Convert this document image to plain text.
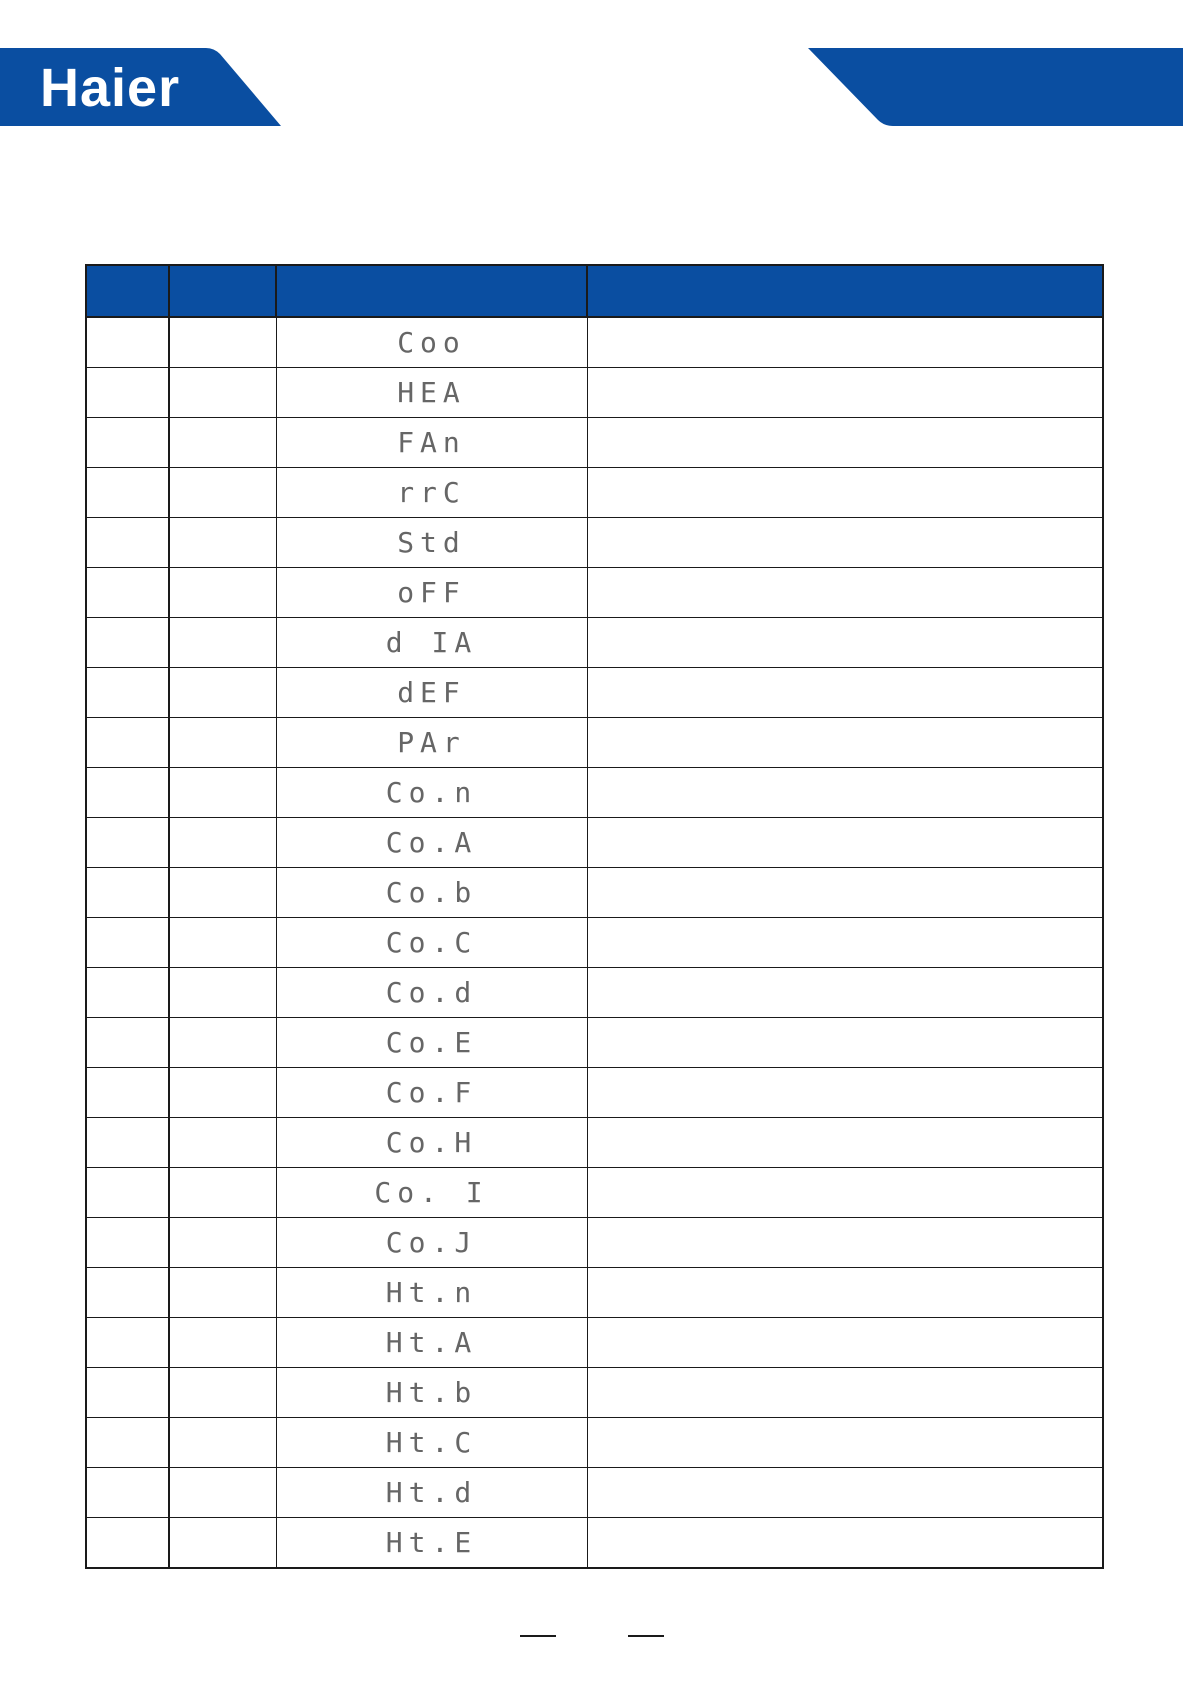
Haier

		Coo	
		HEA	
		FAn	
		rrC	
		Std	
		oFF	
		d IA	
		dEF	
		PAr	
		Co.n	
		Co.A	
		Co.b	
		Co.C	
		Co.d	
		Co.E	
		Co.F	
		Co.H	
		Co. I	
		Co.J	
		Ht.n	
		Ht.A	
		Ht.b	
		Ht.C	
		Ht.d	
		Ht.E	
